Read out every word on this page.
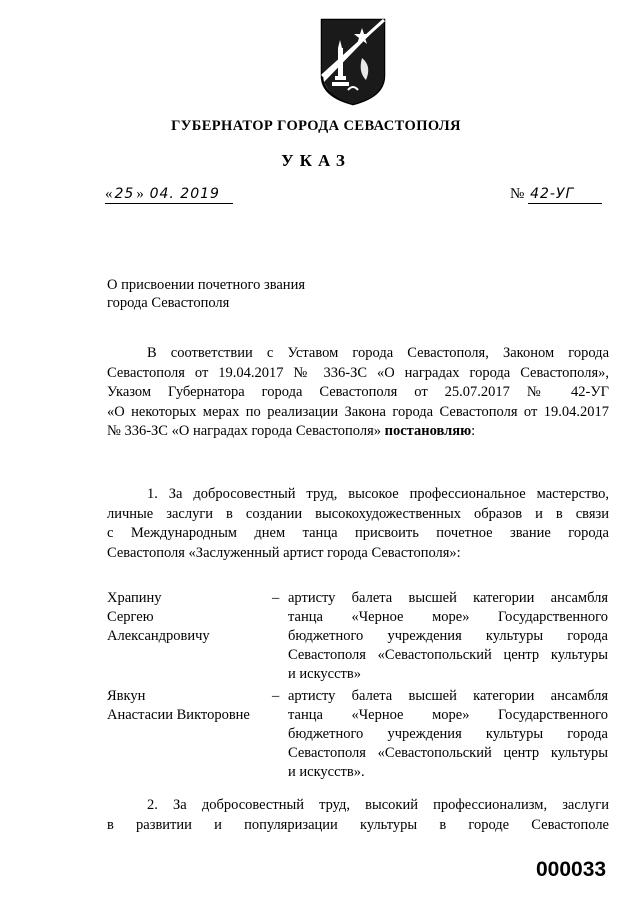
ГУБЕРНАТОР ГОРОДА СЕВАСТОПОЛЯ
УКАЗ
« 25 » 04. 2019	№ 42-УГ
О присвоении почетного звания
города Севастополя
В соответствии с Уставом города Севастополя, Законом города
Севастополя от 19.04.2017 № 336-ЗС «О наградах города Севастополя»,
Указом Губернатора города Севастополя от 25.07.2017 № 42-УГ
«О некоторых мерах по реализации Закона города Севастополя от 19.04.2017
№ 336-ЗС «О наградах города Севастополя» постановляю:
1. За добросовестный труд, высокое профессиональное мастерство,
личные заслуги в создании высокохудожественных образов и в связи
с Международным днем танца присвоить почетное звание города
Севастополя «Заслуженный артист города Севастополя»:
Храпину
Сергею
Александровичу
– артисту балета высшей категории ансамбля
танца «Черное море» Государственного
бюджетного учреждения культуры города
Севастополя «Севастопольский центр культуры
и искусств»
Явкун
Анастасии Викторовне
– артисту балета высшей категории ансамбля
танца «Черное море» Государственного
бюджетного учреждения культуры города
Севастополя «Севастопольский центр культуры
и искусств».
2. За добросовестный труд, высокий профессионализм, заслуги
в развитии и популяризации культуры в городе Севастополе
000033
